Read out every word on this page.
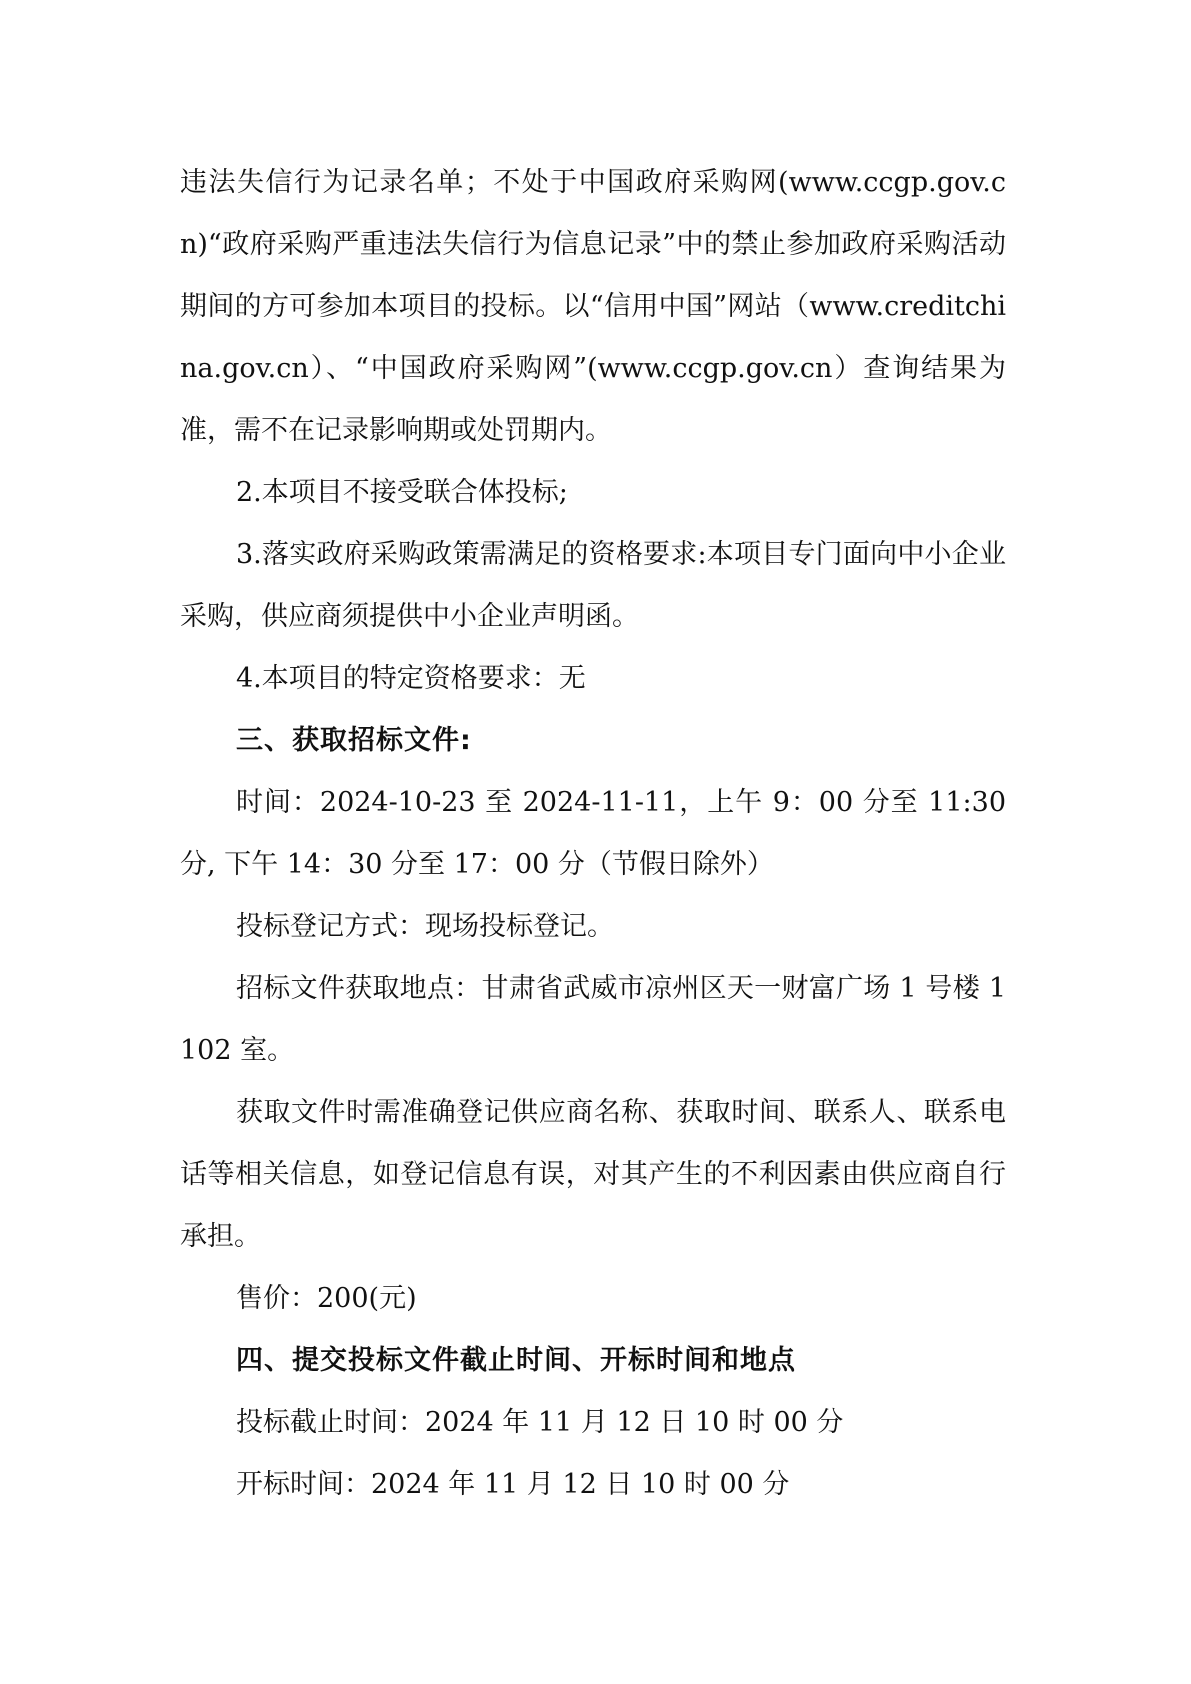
违法失信行为记录名单；不处于中国政府采购网(www.ccgp.gov.cn)“政府采购严重违法失信行为信息记录”中的禁止参加政府采购活动期间的方可参加本项目的投标。以“信用中国”网站（www.creditchina.gov.cn）、“中国政府采购网”(www.ccgp.gov.cn）查询结果为准，需不在记录影响期或处罚期内。

2.本项目不接受联合体投标;

3.落实政府采购政策需满足的资格要求:本项目专门面向中小企业采购，供应商须提供中小企业声明函。

4.本项目的特定资格要求：无

三、获取招标文件:

时间：2024-10-23 至 2024-11-11，上午 9：00 分至 11:30 分, 下午 14：30 分至 17：00 分（节假日除外）

投标登记方式：现场投标登记。

招标文件获取地点：甘肃省武威市凉州区天一财富广场 1 号楼 1102 室。

获取文件时需准确登记供应商名称、获取时间、联系人、联系电话等相关信息，如登记信息有误，对其产生的不利因素由供应商自行承担。

售价：200(元)

四、提交投标文件截止时间、开标时间和地点

投标截止时间：2024 年 11 月 12 日 10 时 00 分

开标时间：2024 年 11 月 12 日 10 时 00 分
